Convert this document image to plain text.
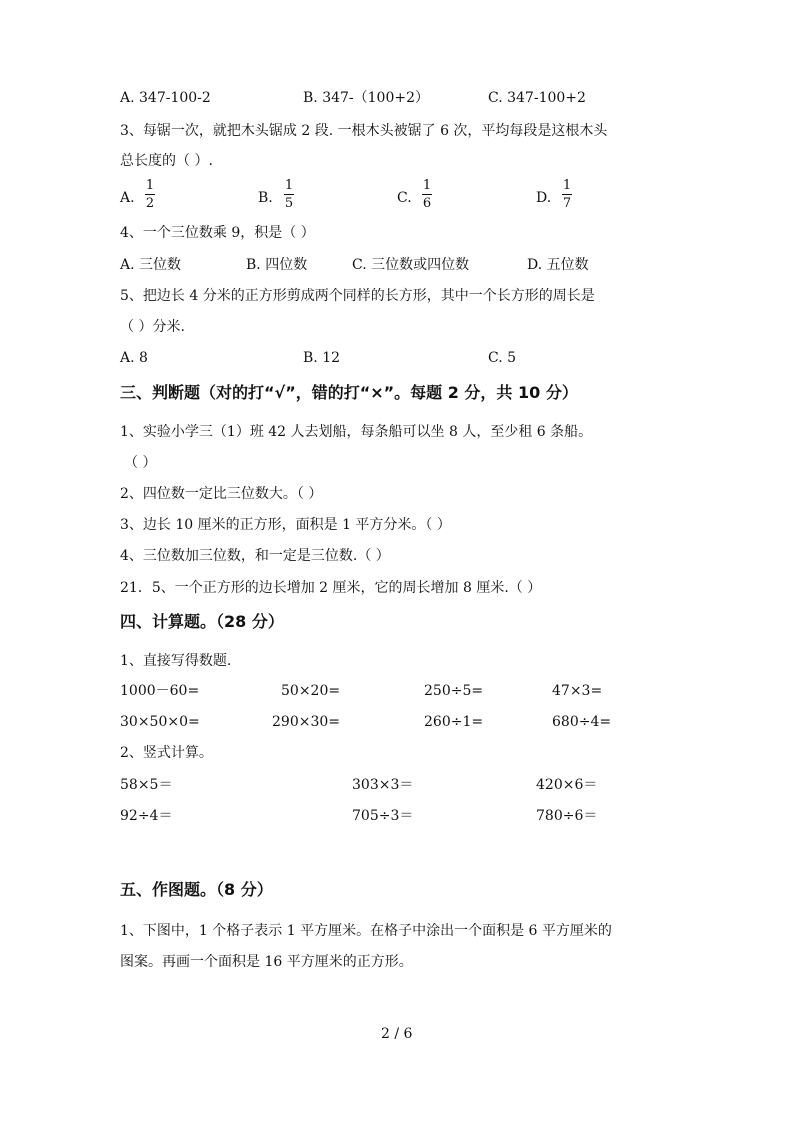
A. 347-100-2	B. 347-（100+2）	C. 347-100+2
3、每锯一次，就把木头锯成 2 段. 一根木头被锯了 6 次，平均每段是这根木头
总长度的（ ）.
A.
1
2	B.
1
5	C.
1
6	D.
1
7
4、一个三位数乘 9，积是（ ）
A. 三位数	B. 四位数	C. 三位数或四位数	D. 五位数
5、把边长 4 分米的正方形剪成两个同样的长方形，其中一个长方形的周长是
（ ）分米.
A. 8	B. 12	C. 5
三、判断题（对的打“√”，错的打“×”。每题 2 分，共 10 分）
1、实验小学三（1）班 42 人去划船，每条船可以坐 8 人，至少租 6 条船。
（ ）
2、四位数一定比三位数大。（ ）
3、边长 10 厘米的正方形，面积是 1 平方分米。（ ）
4、三位数加三位数，和一定是三位数.（ ）
21．5、一个正方形的边长增加 2 厘米，它的周长增加 8 厘米.（ ）
四、计算题。（28 分）
1、直接写得数题.
1000－60=	50×20=	250÷5=	47×3=
30×50×0=	290×30=	260÷1=	680÷4=
2、竖式计算。
58×5＝	303×3＝	420×6＝
92÷4＝	705÷3＝	780÷6＝
五、作图题。（8 分）
1、下图中，1 个格子表示 1 平方厘米。在格子中涂出一个面积是 6 平方厘米的
图案。再画一个面积是 16 平方厘米的正方形。
2 / 6
